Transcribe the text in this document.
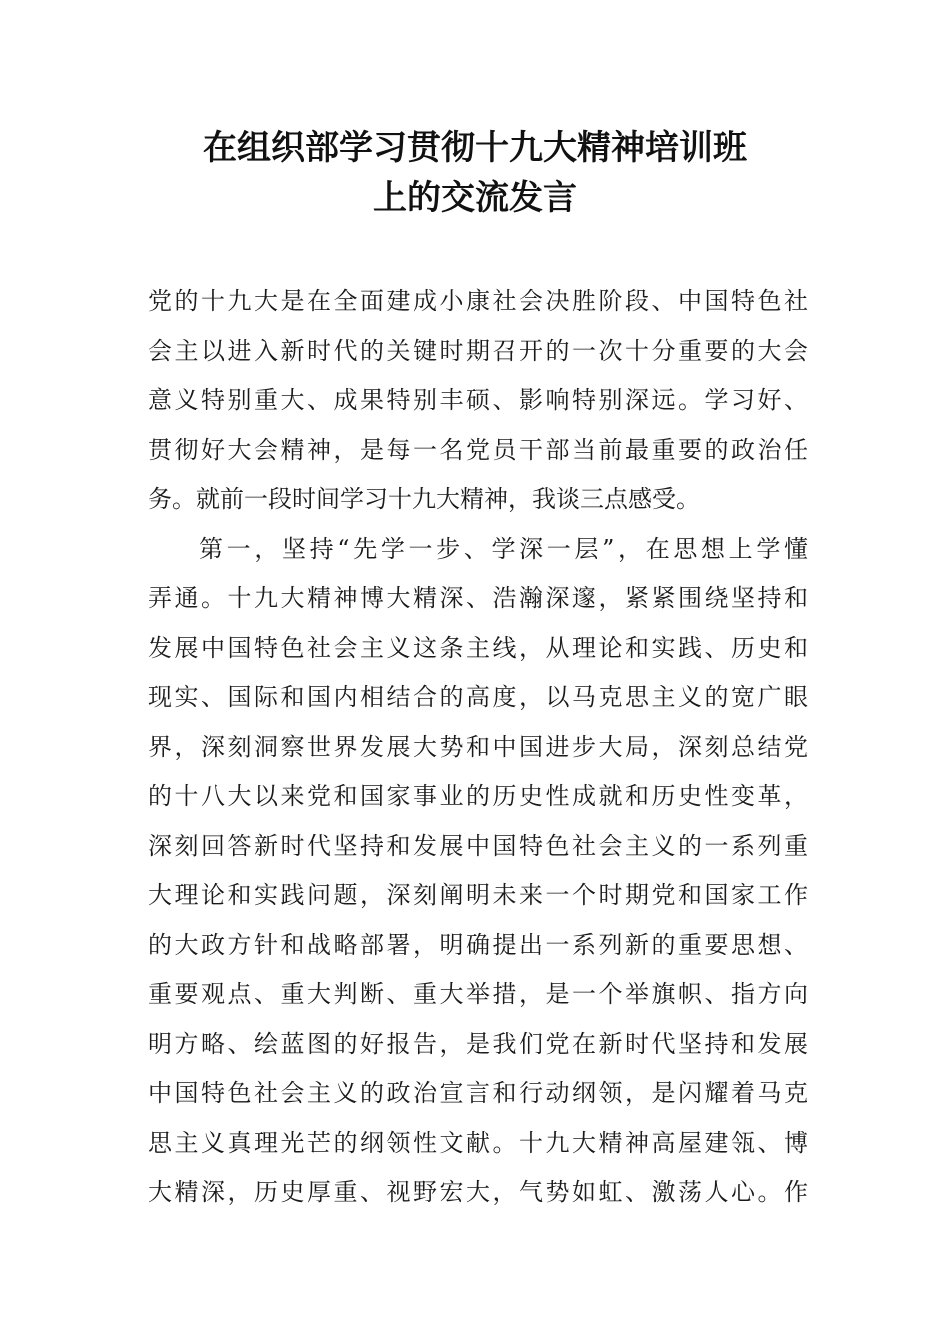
在组织部学习贯彻十九大精神培训班
上的交流发言
党的十九大是在全面建成小康社会决胜阶段、中国特色社
会主以进入新时代的关键时期召开的一次十分重要的大会
意义特别重大、成果特别丰硕、影响特别深远。学习好、
贯彻好大会精神，是每一名党员干部当前最重要的政治任
务。就前一段时间学习十九大精神，我谈三点感受。
第一，坚持“先学一步、学深一层”，在思想上学懂
弄通。十九大精神博大精深、浩瀚深邃，紧紧围绕坚持和
发展中国特色社会主义这条主线，从理论和实践、历史和
现实、国际和国内相结合的高度，以马克思主义的宽广眼
界，深刻洞察世界发展大势和中国进步大局，深刻总结党
的十八大以来党和国家事业的历史性成就和历史性变革，
深刻回答新时代坚持和发展中国特色社会主义的一系列重
大理论和实践问题，深刻阐明未来一个时期党和国家工作
的大政方针和战略部署，明确提出一系列新的重要思想、
重要观点、重大判断、重大举措，是一个举旗帜、指方向
明方略、绘蓝图的好报告，是我们党在新时代坚持和发展
中国特色社会主义的政治宣言和行动纲领，是闪耀着马克
思主义真理光芒的纲领性文献。十九大精神高屋建瓴、博
大精深，历史厚重、视野宏大，气势如虹、激荡人心。作
